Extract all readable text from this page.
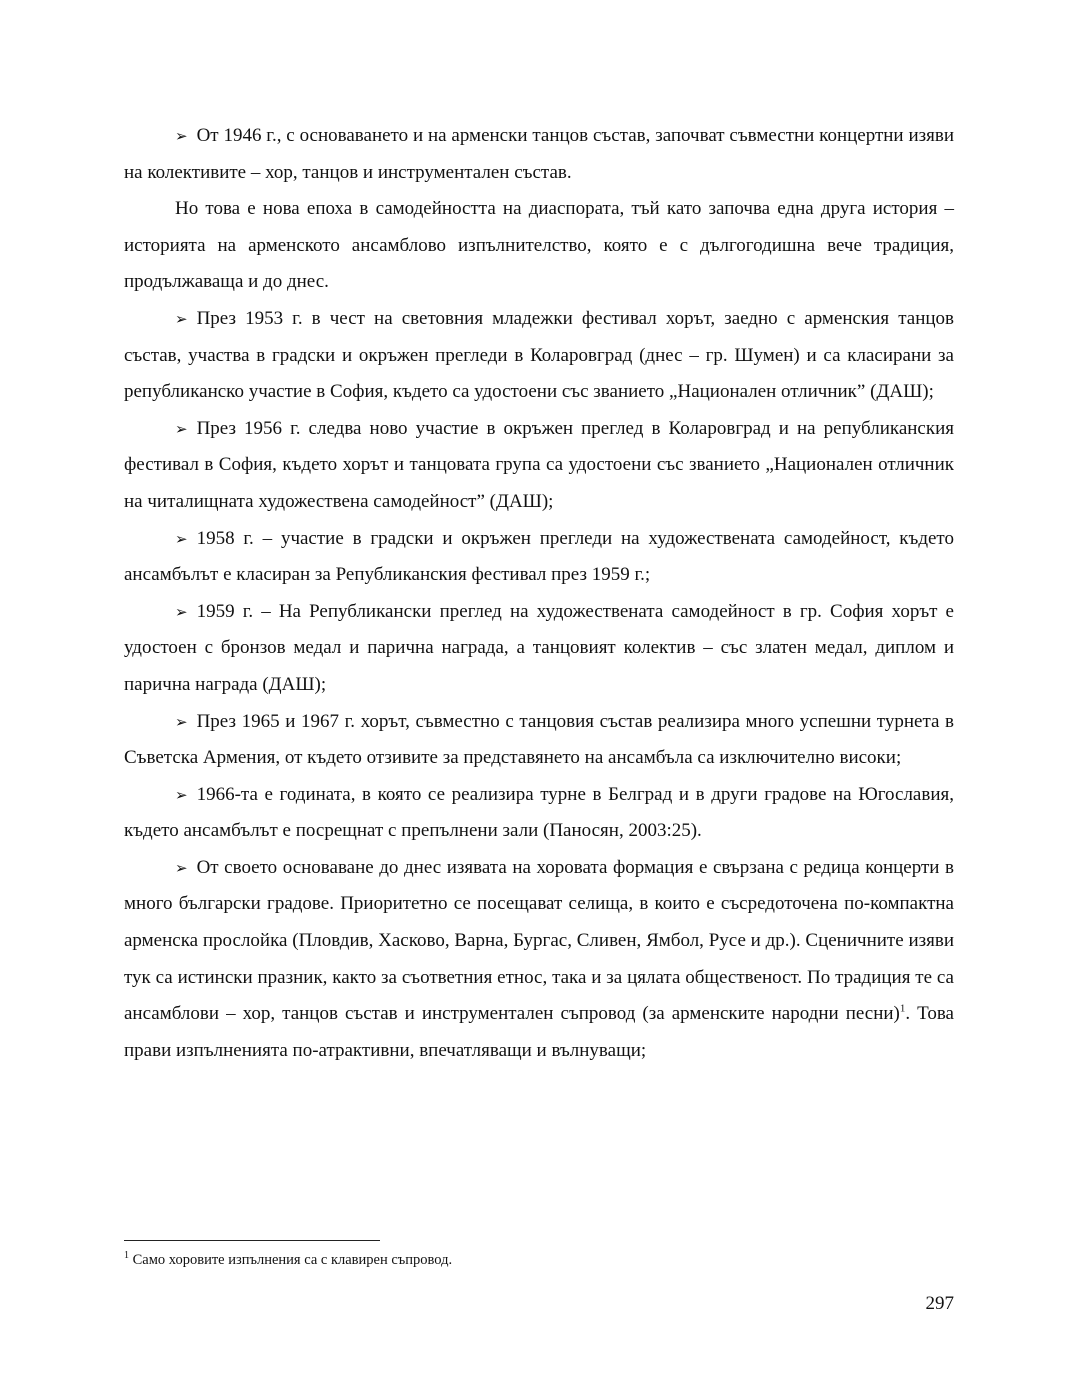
➢ От 1946 г., с основаването и на арменски танцов състав, започват съвместни концертни изяви на колективите – хор, танцов и инструментален състав.

Но това е нова епоха в самодейността на диаспората, тъй като започва една друга история – историята на арменското ансамблово изпълнителство, която е с дългогодишна вече традиция, продължаваща и до днес.

➢ През 1953 г. в чест на световния младежки фестивал хорът, заедно с арменския танцов състав, участва в градски и окръжен прегледи в Коларовград (днес – гр. Шумен) и са класирани за републиканско участие в София, където са удостоени със званието „Национален отличник” (ДАШ);

➢ През 1956 г. следва ново участие в окръжен преглед в Коларовград и на републиканския фестивал в София, където хорът и танцовата група са удостоени със званието „Национален отличник на читалищната художествена самодейност” (ДАШ);

➢ 1958 г. – участие в градски и окръжен прегледи на художествената самодейност, където ансамбълът е класиран за Републиканския фестивал през 1959 г.;

➢ 1959 г. – На Републикански преглед на художествената самодейност в гр. София хорът е удостоен с бронзов медал и парична награда, а танцовият колектив – със златен медал, диплом и парична награда (ДАШ);

➢ През 1965 и 1967 г. хорът, съвместно с танцовия състав реализира много успешни турнета в Съветска Армения, от където отзивите за представянето на ансамбъла са изключително високи;

➢ 1966-та е годината, в която се реализира турне в Белград и в други градове на Югославия, където ансамбълът е посрещнат с препълнени зали (Паносян, 2003:25).

➢ От своето основаване до днес изявата на хоровата формация е свързана с редица концерти в много български градове. Приоритетно се посещават селища, в които е съсредоточена по-компактна арменска прослойка (Пловдив, Хасково, Варна, Бургас, Сливен, Ямбол, Русе и др.). Сценичните изяви тук са истински празник, както за съответния етнос, така и за цялата общественост. По традиция те са ансамблови – хор, танцов състав и инструментален съпровод (за арменските народни песни)$^1$. Това прави изпълненията по-атрактивни, впечатляващи и вълнуващи;

$^1$ Само хоровите изпълнения са с клавирен съпровод.
297
